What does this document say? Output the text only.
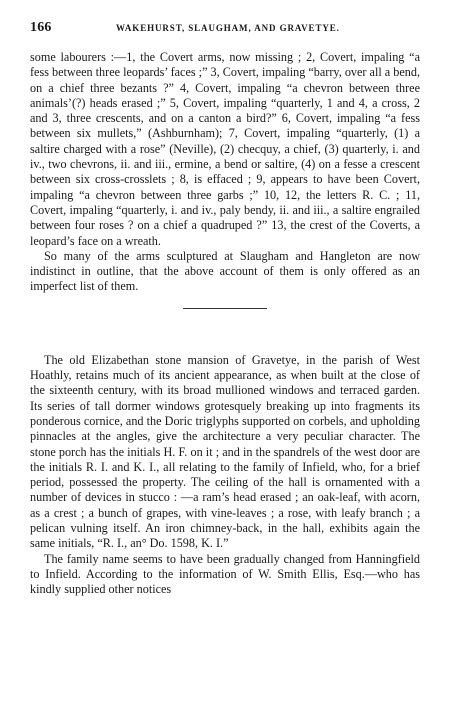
166	WAKEHURST, SLAUGHAM, AND GRAVETYE.

some labourers :—1, the Covert arms, now missing ; 2, Covert, impaling “a fess between three leopards’ faces ;” 3, Covert, impaling “barry, over all a bend, on a chief three bezants ?” 4, Covert, impaling “a chevron between three animals’(?) heads erased ;” 5, Covert, impaling “quarterly, 1 and 4, a cross, 2 and 3, three crescents, and on a canton a bird?” 6, Covert, impaling “a fess between six mullets,” (Ashburnham); 7, Covert, impaling “quarterly, (1) a saltire charged with a rose” (Neville), (2) checquy, a chief, (3) quarterly, i. and iv., two chevrons, ii. and iii., ermine, a bend or saltire, (4) on a fesse a crescent between six cross-crosslets ; 8, is effaced ; 9, appears to have been Covert, impaling “a chevron between three garbs ;” 10, 12, the letters R. C. ; 11, Covert, impaling “quarterly, i. and iv., paly bendy, ii. and iii., a saltire engrailed between four roses ? on a chief a quadruped ?” 13, the crest of the Coverts, a leopard’s face on a wreath.

So many of the arms sculptured at Slaugham and Hangleton are now indistinct in outline, that the above account of them is only offered as an imperfect list of them.

The old Elizabethan stone mansion of Gravetye, in the parish of West Hoathly, retains much of its ancient appearance, as when built at the close of the sixteenth century, with its broad mullioned windows and terraced garden. Its series of tall dormer windows grotesquely breaking up into fragments its ponderous cornice, and the Doric triglyphs supported on corbels, and upholding pinnacles at the angles, give the architecture a very peculiar character. The stone porch has the initials H. F. on it ; and in the spandrels of the west door are the initials R. I. and K. I., all relating to the family of Infield, who, for a brief period, possessed the property. The ceiling of the hall is ornamented with a number of devices in stucco : —a ram’s head erased ; an oak-leaf, with acorn, as a crest ; a bunch of grapes, with vine-leaves ; a rose, with leafy branch ; a pelican vulning itself. An iron chimney-back, in the hall, exhibits again the same initials, “R. I., an° Do. 1598, K. I.”

The family name seems to have been gradually changed from Hanningfield to Infield. According to the information of W. Smith Ellis, Esq.—who has kindly supplied other notices
